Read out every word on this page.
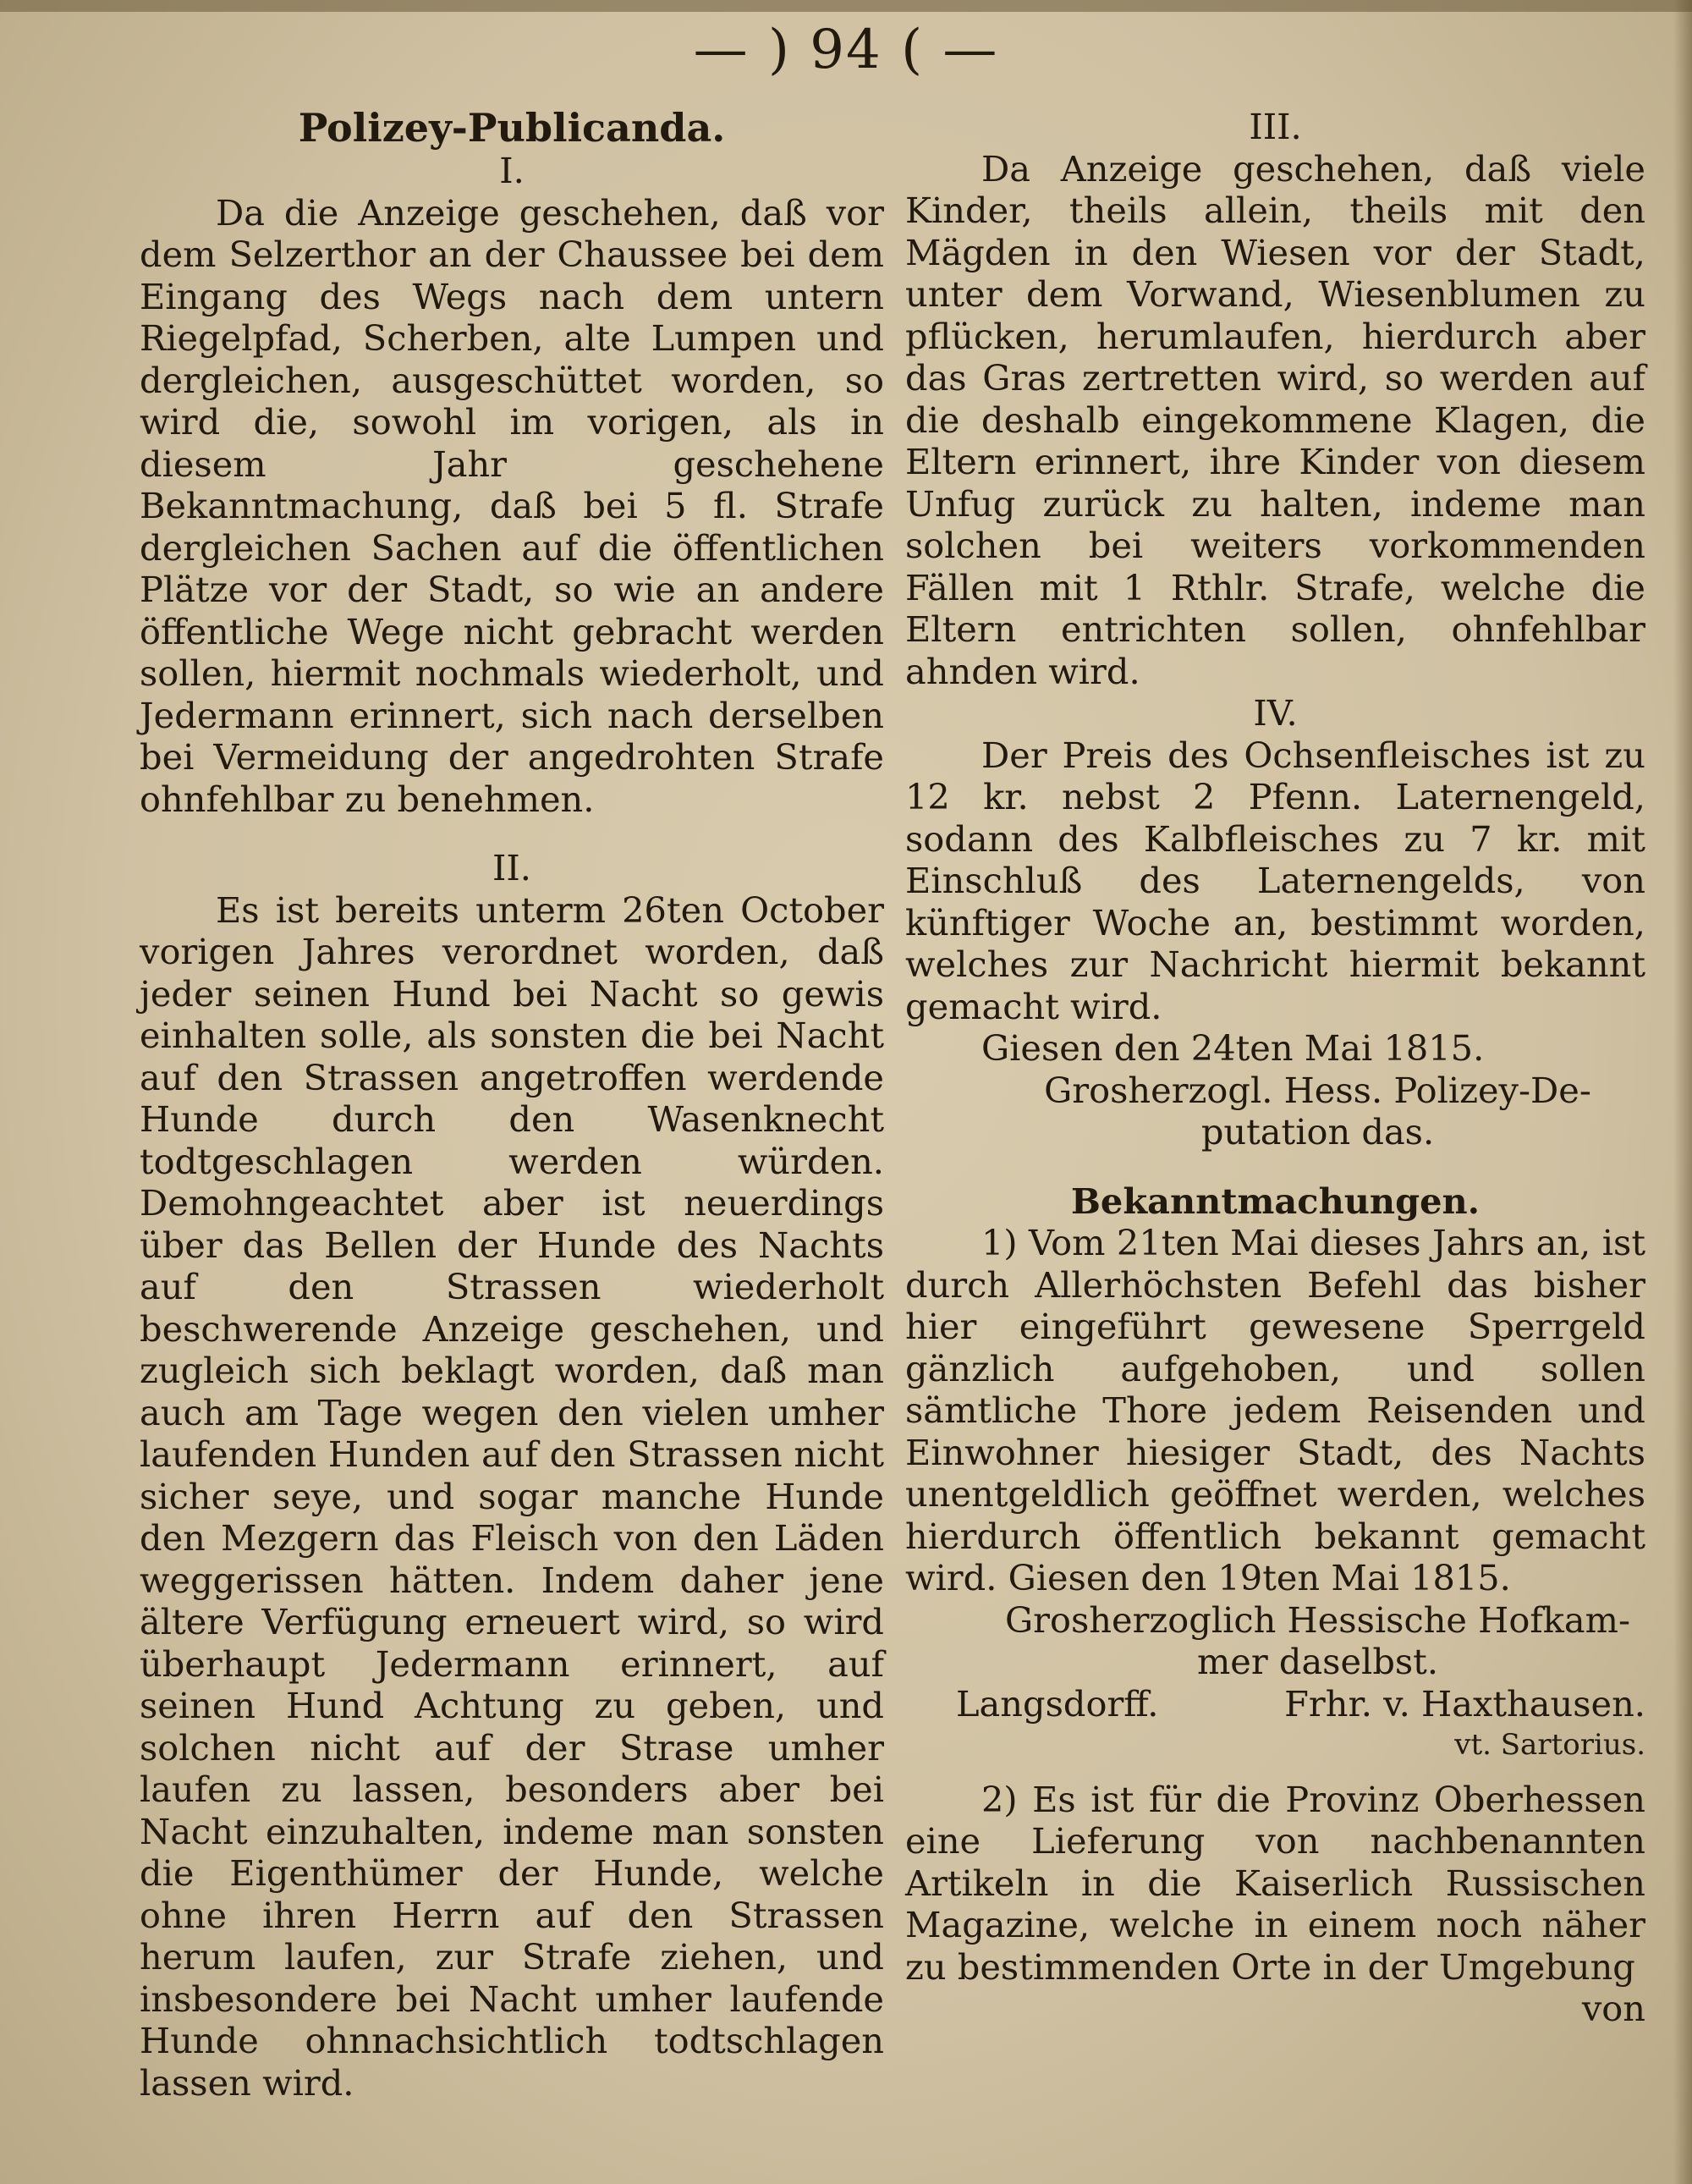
— ) 94 ( —

Polizey-Publicanda.

I.

Da die Anzeige geschehen, daß vor dem Selzerthor an der Chaussee bei dem Eingang des Wegs nach dem untern Riegelpfad, Scherben, alte Lumpen und dergleichen, ausgeschüttet worden, so wird die, sowohl im vorigen, als in diesem Jahr geschehene Bekanntmachung, daß bei 5 fl. Strafe dergleichen Sachen auf die öffentlichen Plätze vor der Stadt, so wie an andere öffentliche Wege nicht gebracht werden sollen, hiermit nochmals wiederholt, und Jedermann erinnert, sich nach derselben bei Vermeidung der angedrohten Strafe ohnfehlbar zu benehmen.

II.

Es ist bereits unterm 26ten October vorigen Jahres verordnet worden, daß jeder seinen Hund bei Nacht so gewis einhalten solle, als sonsten die bei Nacht auf den Strassen angetroffen werdende Hunde durch den Wasenknecht todtgeschlagen werden würden. Demohngeachtet aber ist neuerdings über das Bellen der Hunde des Nachts auf den Strassen wiederholt beschwerende Anzeige geschehen, und zugleich sich beklagt worden, daß man auch am Tage wegen den vielen umher laufenden Hunden auf den Strassen nicht sicher seye, und sogar manche Hunde den Mezgern das Fleisch von den Läden weggerissen hätten. Indem daher jene ältere Verfügung erneuert wird, so wird überhaupt Jedermann erinnert, auf seinen Hund Achtung zu geben, und solchen nicht auf der Strase umher laufen zu lassen, besonders aber bei Nacht einzuhalten, indeme man sonsten die Eigenthümer der Hunde, welche ohne ihren Herrn auf den Strassen herum laufen, zur Strafe ziehen, und insbesondere bei Nacht umher laufende Hunde ohnnachsichtlich todtschlagen lassen wird.

III.

Da Anzeige geschehen, daß viele Kinder, theils allein, theils mit den Mägden in den Wiesen vor der Stadt, unter dem Vorwand, Wiesenblumen zu pflücken, herumlaufen, hierdurch aber das Gras zertretten wird, so werden auf die deshalb eingekommene Klagen, die Eltern erinnert, ihre Kinder von diesem Unfug zurück zu halten, indeme man solchen bei weiters vorkommenden Fällen mit 1 Rthlr. Strafe, welche die Eltern entrichten sollen, ohnfehlbar ahnden wird.

IV.

Der Preis des Ochsenfleisches ist zu 12 kr. nebst 2 Pfenn. Laternengeld, sodann des Kalbfleisches zu 7 kr. mit Einschluß des Laternengelds, von künftiger Woche an, bestimmt worden, welches zur Nachricht hiermit bekannt gemacht wird.

Giesen den 24ten Mai 1815.

Grosherzogl. Hess. Polizey-De-

putation das.

Bekanntmachungen.

1) Vom 21ten Mai dieses Jahrs an, ist durch Allerhöchsten Befehl das bisher hier eingeführt gewesene Sperrgeld gänzlich aufgehoben, und sollen sämtliche Thore jedem Reisenden und Einwohner hiesiger Stadt, des Nachts unentgeldlich geöffnet werden, welches hierdurch öffentlich bekannt gemacht wird. Giesen den 19ten Mai 1815.

Grosherzoglich Hessische Hofkam-

mer daselbst.

Langsdorff.	Frhr. v. Haxthausen.

vt. Sartorius.

2) Es ist für die Provinz Oberhessen eine Lieferung von nachbenannten Artikeln in die Kaiserlich Russischen Magazine, welche in einem noch näher zu bestimmenden Orte in der Umgebung

von
